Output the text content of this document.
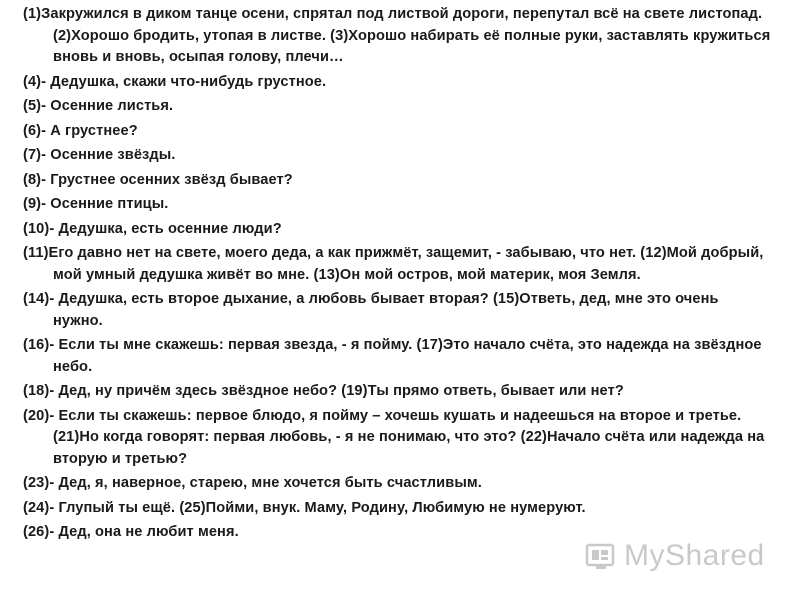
(1)Закружился в диком танце осени, спрятал под листвой дороги, перепутал всё на свете листопад. (2)Хорошо бродить, утопая в листве. (3)Хорошо набирать её полные руки, заставлять кружиться вновь и вновь, осыпая голову, плечи…

(4)- Дедушка, скажи что-нибудь грустное.

(5)- Осенние листья.

(6)- А грустнее?

(7)- Осенние звёзды.

(8)- Грустнее осенних звёзд бывает?

(9)- Осенние птицы.

(10)- Дедушка, есть осенние люди?

(11)Его давно нет на свете, моего деда, а как прижмёт, защемит, - забываю, что нет. (12)Мой добрый, мой умный дедушка живёт во мне. (13)Он мой остров, мой материк, моя Земля.

(14)- Дедушка, есть второе дыхание, а любовь бывает вторая? (15)Ответь, дед, мне это очень нужно.

(16)- Если ты мне скажешь: первая звезда, - я пойму. (17)Это начало счёта, это надежда на звёздное небо.

(18)- Дед, ну причём здесь звёздное небо? (19)Ты прямо ответь, бывает или нет?

(20)- Если ты скажешь: первое блюдо, я пойму – хочешь кушать и надеешься на второе и третье. (21)Но когда говорят: первая любовь, - я не понимаю, что это? (22)Начало счёта или надежда на вторую и третью?

(23)- Дед, я, наверное, старею, мне хочется быть счастливым.

(24)- Глупый ты ещё. (25)Пойми, внук. Маму, Родину, Любимую не нумеруют.

(26)- Дед, она не любит меня.

MyShared
